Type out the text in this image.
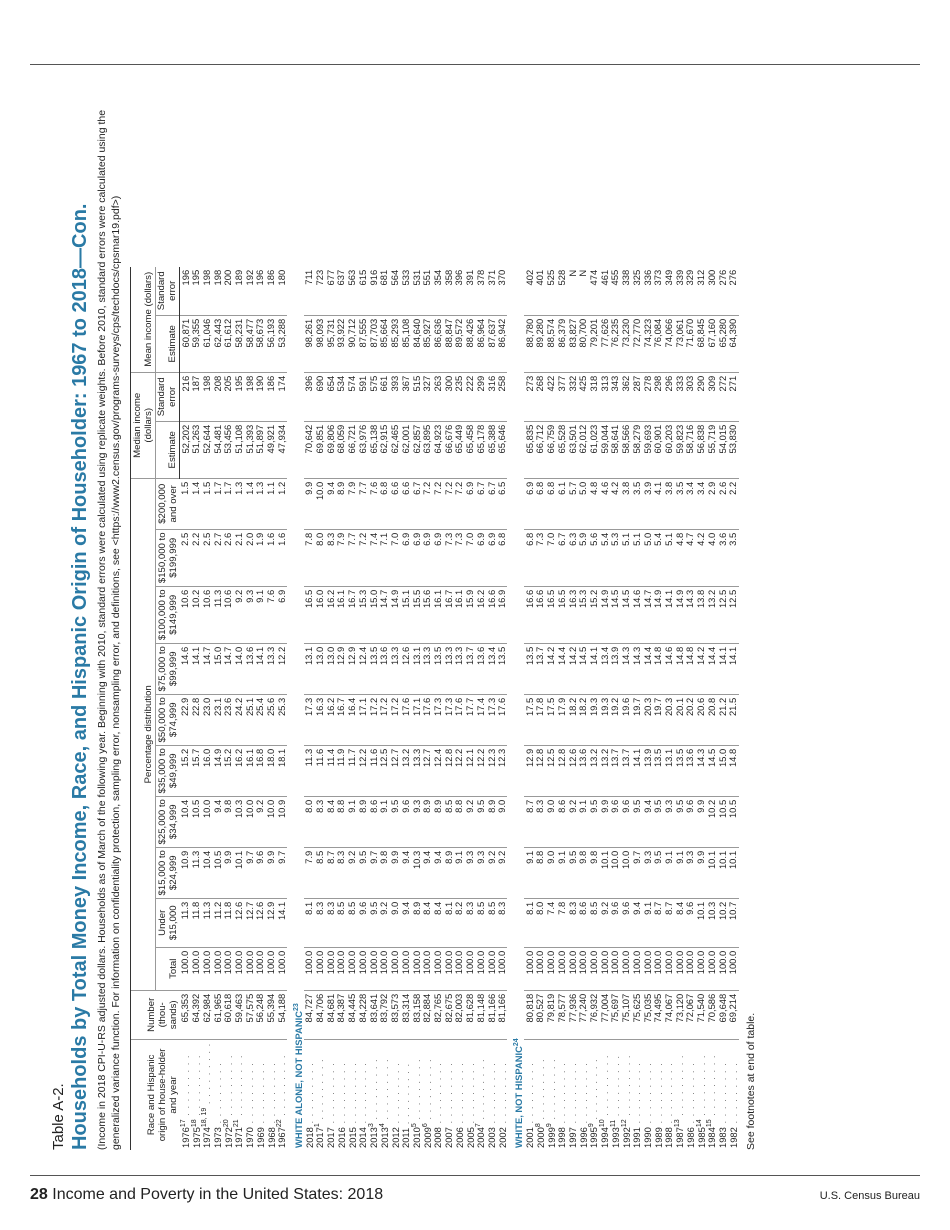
Table A-2. Households by Total Money Income, Race, and Hispanic Origin of Householder: 1967 to 2018—Con. (Income in 2018 CPI-U-RS adjusted dollars. Households as of March of the following year. Beginning with 2010, standard errors were calculated using replicate weights. Before 2010, standard errors were calculated using the generalized variance function. For information on confidentiality protection, sampling error, nonsampling error, and definitions, see <https://www2.census.gov/programs-surveys/cps/techdocs/cpsmar19.pdf>) Race and Hispanic origin of house-holder and year	Number (thou-sands)	Percentage distribution										Median income (dollars)		Mean income (dollars)	
		Total	Under $15,000	$15,000 to $24,999	$25,000 to $34,999	$35,000 to $49,999	$50,000 to $74,999	$75,000 to $99,999	$100,000 to $149,999	$150,000 to $199,999	$200,000 and over				
												Estimate	Standard error	Estimate	Standard error
1976$^{17}$ . . . . . . . . .	65,353	100.0	11.3	10.9	10.4	15.2	22.9	14.6	10.6	2.5	1.5	52,202	216	60,871	196
1975$^{18}$ . . . . . . . . .	64,392	100.0	11.8	11.3	10.5	15.7	22.8	14.1	10.2	2.2	1.4	51,263	187	59,355	195
1974$^{18, 19}$ . . . . . . . . .	62,984	100.0	11.3	10.4	10.0	16.0	23.0	14.7	10.6	2.5	1.5	52,644	198	61,046	198
1973 . . . . . . . . .	61,965	100.0	11.2	10.5	9.4	14.9	23.1	15.0	11.3	2.7	1.7	54,481	208	62,443	198
1972$^{20}$ . . . . . . . . .	60,618	100.0	11.8	9.9	9.8	15.2	23.6	14.7	10.6	2.6	1.7	53,456	205	61,612	200
1971$^{21}$ . . . . . . . . .	59,463	100.0	12.6	10.1	10.3	16.2	24.2	14.0	9.2	2.1	1.3	51,108	195	58,231	189
1970 . . . . . . . . .	57,575	100.0	12.7	9.7	10.0	16.1	25.1	13.6	9.3	2.0	1.4	51,393	198	58,477	192
1969 . . . . . . . . .	56,248	100.0	12.6	9.6	9.2	16.8	25.4	14.1	9.1	1.9	1.3	51,897	190	58,673	196
1968 . . . . . . . . .	55,394	100.0	12.9	9.9	10.0	18.0	25.6	13.3	7.6	1.6	1.1	49,921	186	56,193	186
1967$^{22}$ . . . . . . . . .	54,188	100.0	14.1	9.7	10.9	18.1	25.3	12.2	6.9	1.6	1.2	47,934	174	53,288	180
WHITE ALONE, NOT HISPANIC$^{23}$
2018 . . . . . . . . .	84,727	100.0	8.1	7.9	8.0	11.3	17.3	13.1	16.5	7.8	9.9	70,642	396	98,261	711
2017$^1$ . . . . . . . . .	84,706	100.0	8.3	8.5	8.3	11.6	16.3	13.0	16.0	8.0	10.0	69,851	690	98,093	723
2017 . . . . . . . . .	84,681	100.0	8.3	8.7	8.4	11.4	16.2	13.0	16.2	8.3	9.4	69,806	654	95,731	677
2016 . . . . . . . . .	84,387	100.0	8.5	8.3	8.8	11.9	16.7	12.9	16.1	7.9	8.9	68,059	534	93,922	637
2015 . . . . . . . . .	84,445	100.0	8.5	9.2	9.1	11.7	16.4	12.9	16.7	7.7	7.9	66,721	574	90,712	563
2014 . . . . . . . . .	84,228	100.0	9.6	9.5	8.9	12.2	17.1	12.4	15.3	7.2	7.7	63,976	591	87,555	615
2013$^3$ . . . . . . . . .	83,641	100.0	9.5	9.7	8.6	11.6	17.2	13.5	15.0	7.4	7.6	65,138	575	87,703	916
2013$^4$ . . . . . . . . .	83,792	100.0	9.2	9.8	9.1	12.5	17.2	13.6	14.7	7.1	6.8	62,915	661	85,664	681
2012 . . . . . . . . .	83,573	100.0	9.0	9.9	9.5	12.7	17.2	13.3	14.9	7.0	6.6	62,465	393	85,293	564
2011 . . . . . . . . .	83,314	100.0	9.4	9.4	9.6	13.2	17.6	12.6	15.1	6.9	6.6	62,001	367	85,108	533
2010$^5$ . . . . . . . . .	83,158	100.0	8.9	10.3	9.3	13.3	17.1	13.1	15.5	6.9	6.7	62,857	515	84,640	531
2009$^6$ . . . . . . . . .	82,884	100.0	8.4	9.4	8.9	12.7	17.6	13.3	15.6	6.9	7.2	63,895	327	85,927	551
2008 . . . . . . . . .	82,765	100.0	8.4	9.4	8.9	12.4	17.3	13.5	16.1	6.9	7.2	64,923	263	86,636	354
2007 . . . . . . . . .	82,675	100.0	8.1	8.9	8.5	12.8	17.3	13.3	16.7	7.3	7.2	66,676	300	88,847	358
2006 . . . . . . . . .	82,003	100.0	8.2	9.1	8.8	12.2	17.6	13.3	16.1	7.3	7.2	65,449	235	89,572	396
2005 . . . . . . . . .	81,628	100.0	8.3	9.3	9.2	12.1	17.7	13.7	15.9	7.0	6.9	65,458	222	88,426	391
2004$^7$ . . . . . . . . .	81,148	100.0	8.5	9.3	9.5	12.2	17.4	13.6	16.2	6.9	6.7	65,178	299	86,964	378
2003 . . . . . . . . .	81,166	100.0	8.5	9.2	8.9	12.3	17.3	13.4	16.6	6.9	6.7	65,388	316	87,637	371
2002 . . . . . . . . .	81,166	100.0	8.3	9.2	9.0	12.3	17.6	13.5	16.9	6.8	6.5	65,646	258	86,942	370
WHITE, NOT HISPANIC$^{24}$
2001 . . . . . . . . .	80,818	100.0	8.1	9.1	8.7	12.9	17.5	13.5	16.6	6.8	6.9	65,835	273	88,780	402
2000$^8$ . . . . . . . . .	80,527	100.0	8.0	8.8	8.3	12.8	17.8	13.7	16.6	7.3	6.8	66,712	268	89,280	401
1999$^9$ . . . . . . . . .	79,819	100.0	7.4	9.0	9.0	12.5	17.5	14.2	16.5	7.0	6.8	66,759	422	88,574	525
1998 . . . . . . . . .	78,577	100.0	7.8	9.1	8.6	12.8	17.9	14.4	16.5	6.7	6.1	65,528	377	86,379	528
1997 . . . . . . . . .	77,936	100.0	8.3	9.5	9.2	12.6	18.2	14.2	16.3	6.3	5.7	63,501	332	83,827	N
1996 . . . . . . . . .	77,240	100.0	8.6	9.8	9.1	13.6	18.2	14.5	15.3	5.9	5.0	62,012	425	80,700	N
1995$^9$ . . . . . . . . .	76,932	100.0	8.5	9.8	9.5	13.2	19.3	14.1	15.2	5.6	4.8	61,023	318	79,201	474
1994$^{10}$ . . . . . . . . .	77,004	100.0	9.2	10.1	9.9	13.2	19.3	13.4	14.9	5.4	4.6	59,044	313	77,626	461
1993$^{11}$ . . . . . . . . .	75,697	100.0	9.6	10.0	9.6	13.7	19.2	13.9	14.5	5.3	4.2	58,641	343	76,235	455
1992$^{12}$ . . . . . . . . .	75,107	100.0	9.6	10.0	9.6	13.7	19.6	14.3	14.5	5.1	3.8	58,566	362	73,230	338
1991 . . . . . . . . .	75,625	100.0	9.4	9.7	9.5	14.1	19.7	14.3	14.6	5.1	3.5	58,279	287	72,770	325
1990 . . . . . . . . .	75,035	100.0	9.1	9.3	9.4	13.9	20.3	14.4	14.7	5.0	3.9	59,693	278	74,323	336
1989 . . . . . . . . .	74,495	100.0	8.7	9.5	9.5	13.5	19.7	14.8	14.9	5.4	4.1	60,901	298	76,084	373
1988 . . . . . . . . .	74,067	100.0	8.7	9.1	9.3	13.1	20.3	14.6	14.1	5.1	3.8	60,203	296	74,066	349
1987$^{13}$ . . . . . . . . .	73,120	100.0	8.4	9.1	9.5	13.5	20.1	14.8	14.9	4.8	3.5	59,823	333	73,061	339
1986 . . . . . . . . .	72,067	100.0	9.6	9.3	9.6	13.6	20.2	14.8	14.3	4.7	3.4	58,716	303	71,670	329
1985$^{14}$ . . . . . . . . .	71,540	100.0	10.1	9.9	9.9	14.3	20.6	14.2	13.8	4.2	3.4	56,838	290	68,845	312
1984$^{15}$ . . . . . . . . .	70,586	100.0	10.3	10.1	10.2	14.5	20.8	14.4	13.2	4.0	2.9	55,719	309	67,160	300
1983 . . . . . . . . .	69,648	100.0	10.2	10.1	10.5	15.0	21.2	14.1	12.5	3.6	2.6	54,015	272	65,280	276
1982 . . . . . . . . .	69,214	100.0	10.7	10.1	10.5	14.8	21.5	14.1	12.5	3.5	2.2	53,830	271	64,390	276
See footnotes at end of table.
28 Income and Poverty in the United States: 2018	U.S. Census Bureau
